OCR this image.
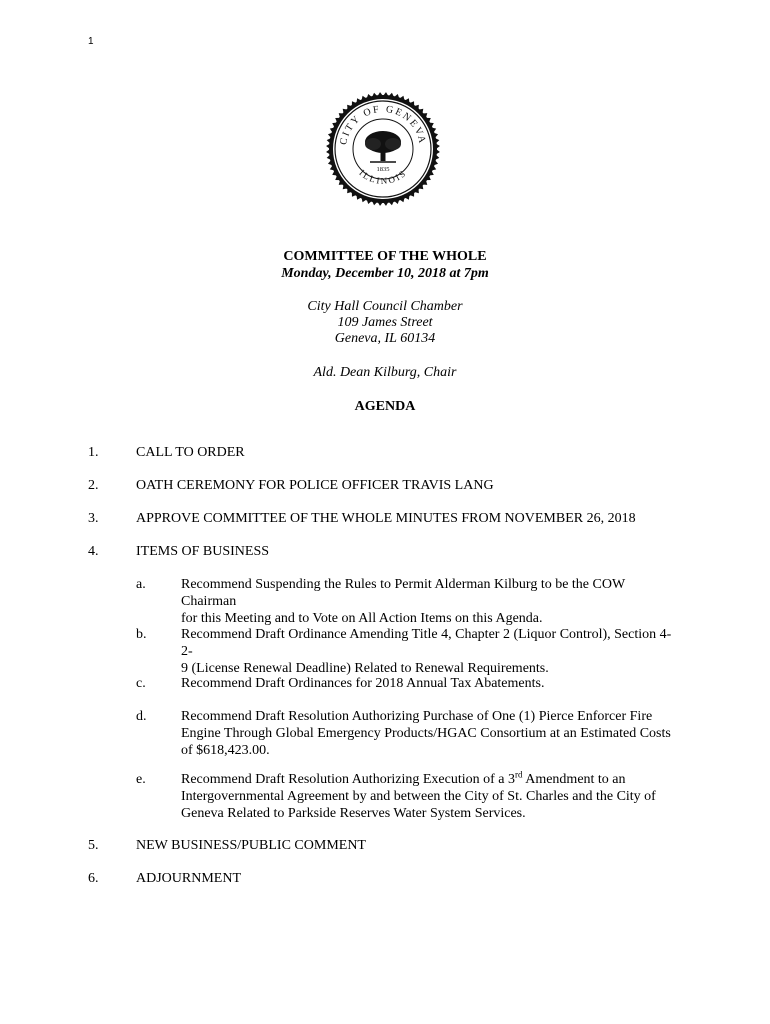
1
CITY OF GENEVA
ILLINOIS
1835
COMMITTEE OF THE WHOLE
Monday, December 10, 2018 at 7pm
City Hall Council Chamber
109 James Street
Geneva, IL 60134
Ald. Dean Kilburg, Chair
AGENDA
1.	CALL TO ORDER
2.	OATH CEREMONY FOR POLICE OFFICER TRAVIS LANG
3.	APPROVE COMMITTEE OF THE WHOLE MINUTES FROM NOVEMBER 26, 2018
4.	ITEMS OF BUSINESS
a.	Recommend Suspending the Rules to Permit Alderman Kilburg to be the COW Chairman
for this Meeting and to Vote on All Action Items on this Agenda.
b. Recommend Draft Ordinance Amending Title 4, Chapter 2 (Liquor Control), Section 4-2-
9 (License Renewal Deadline) Related to Renewal Requirements.
c.	Recommend Draft Ordinances for 2018 Annual Tax Abatements.
d. Recommend Draft Resolution Authorizing Purchase of One (1) Pierce Enforcer Fire
Engine Through Global Emergency Products/HGAC Consortium at an Estimated Costs
of $618,423.00.
e.	Recommend Draft Resolution Authorizing Execution of a 3rd Amendment to an
Intergovernmental Agreement by and between the City of St. Charles and the City of
Geneva Related to Parkside Reserves Water System Services.
5.	NEW BUSINESS/PUBLIC COMMENT
6.	ADJOURNMENT
